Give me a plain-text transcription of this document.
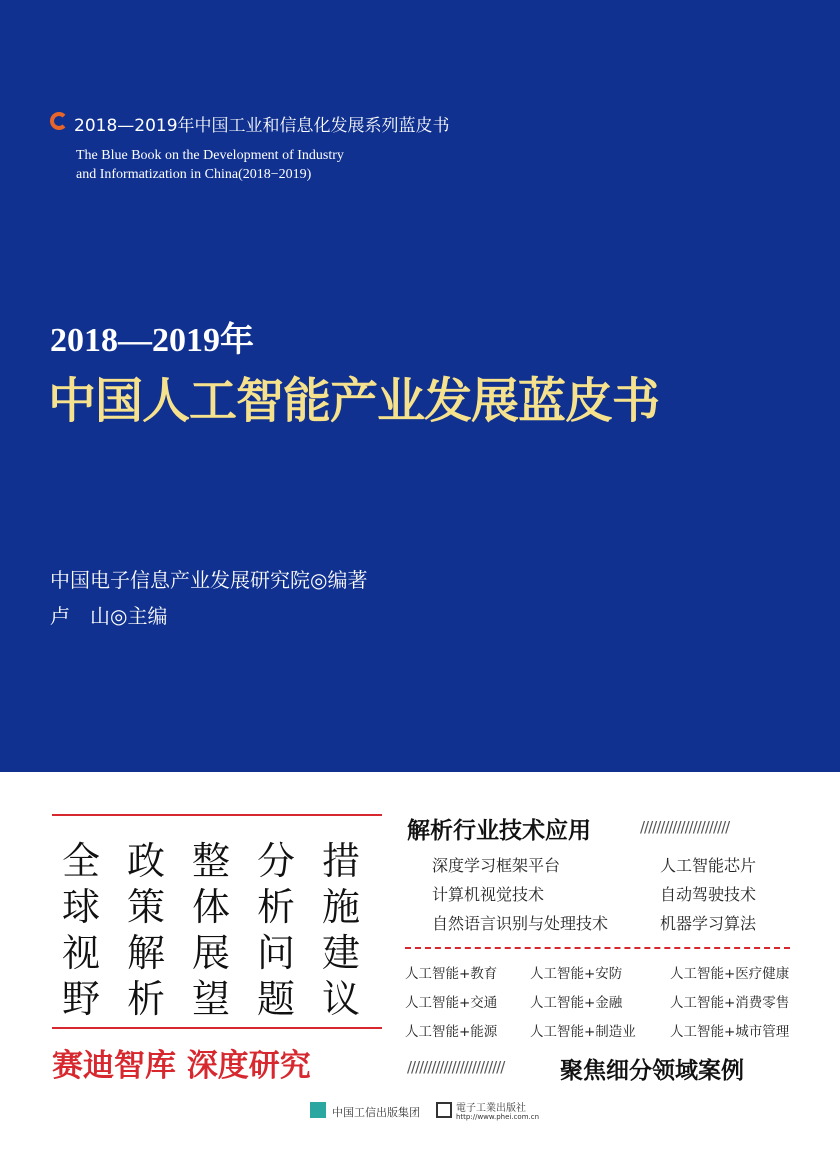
2018—2019年中国工业和信息化发展系列蓝皮书
The Blue Book on the Development of Industry
and Informatization in China(2018−2019)
2018—2019年
中国人工智能产业发展蓝皮书
中国电子信息产业发展研究院◎编著
卢　山◎主编
全 政 整 分 措
球 策 体 析 施
视 解 展 问 建
野 析 望 题 议
赛迪智库 深度研究
解析行业技术应用	//////////////////////
深度学习框架平台	人工智能芯片
计算机视觉技术	自动驾驶技术
自然语言识别与处理技术	机器学习算法
人工智能+教育	人工智能+安防	人工智能+医疗健康
人工智能+交通	人工智能+金融	人工智能+消费零售
人工智能+能源	人工智能+制造业	人工智能+城市管理
//////////////////////// 聚焦细分领域案例
中国工信出版集团	電子工業出版社
http://www.phei.com.cn
